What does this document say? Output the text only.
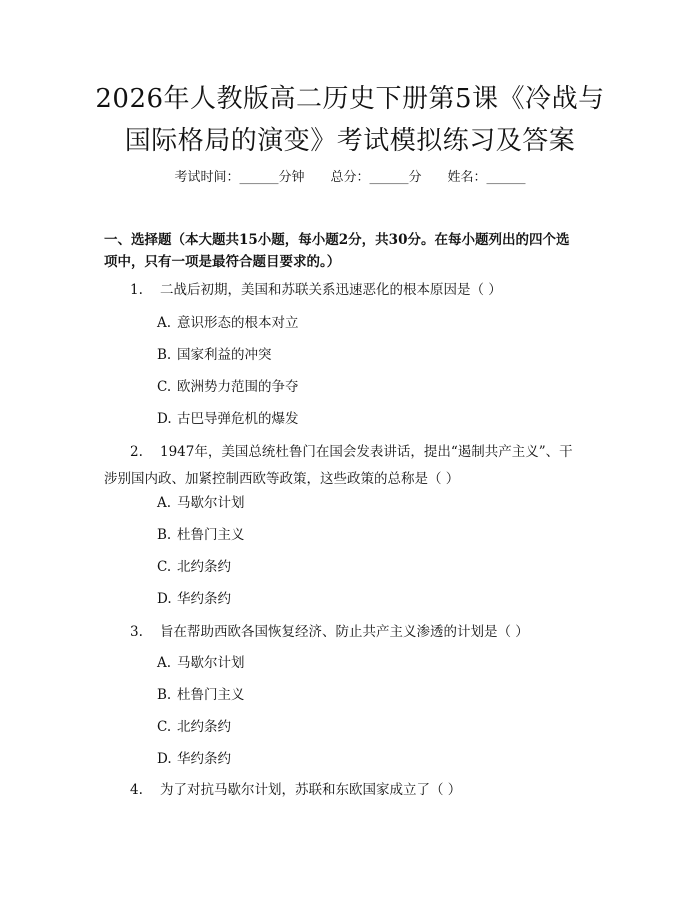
2026年人教版高二历史下册第5课《冷战与
国际格局的演变》考试模拟练习及答案
考试时间：______分钟 总分：______分 姓名：______
一、选择题（本大题共15小题，每小题2分，共30分。在每小题列出的四个选
项中，只有一项是最符合题目要求的。）
1. 二战后初期，美国和苏联关系迅速恶化的根本原因是（ ）
A. 意识形态的根本对立
B. 国家利益的冲突
C. 欧洲势力范围的争夺
D. 古巴导弹危机的爆发
2. 1947年，美国总统杜鲁门在国会发表讲话，提出“遏制共产主义”、干
涉别国内政、加紧控制西欧等政策，这些政策的总称是（ ）
A. 马歇尔计划
B. 杜鲁门主义
C. 北约条约
D. 华约条约
3. 旨在帮助西欧各国恢复经济、防止共产主义渗透的计划是（ ）
A. 马歇尔计划
B. 杜鲁门主义
C. 北约条约
D. 华约条约
4. 为了对抗马歇尔计划，苏联和东欧国家成立了（ ）
